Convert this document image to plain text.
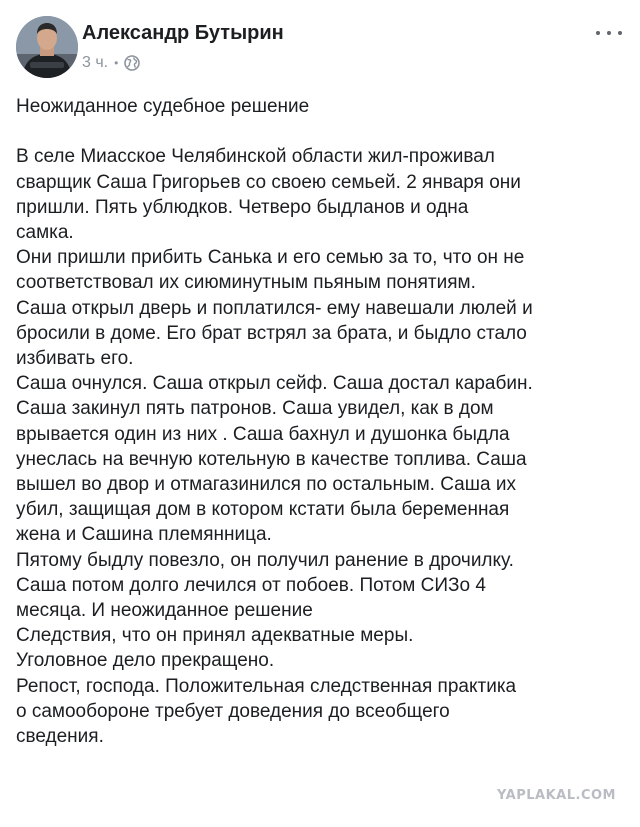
Александр Бутырин
3 ч. •

Неожиданное судебное решение

В селе Миасское Челябинской области жил-проживал
сварщик Саша Григорьев со своею семьей. 2 января они
пришли. Пять ублюдков. Четверо быдланов и одна
самка.
Они пришли прибить Санька и его семью за то, что он не
соответствовал их сиюминутным пьяным понятиям.
Саша открыл дверь и поплатился- ему навешали люлей и
бросили в доме. Его брат встрял за брата, и быдло стало
избивать его.
Саша очнулся. Саша открыл сейф. Саша достал карабин.
Саша закинул пять патронов. Саша увидел, как в дом
врывается один из них . Саша бахнул и душонка быдла
унеслась на вечную котельную в качестве топлива. Саша
вышел во двор и отмагазинился по остальным. Саша их
убил, защищая дом в котором кстати была беременная
жена и Сашина племянница.
Пятому быдлу повезло, он получил ранение в дрочилку.
Саша потом долго лечился от побоев. Потом СИЗо 4
месяца. И неожиданное решение
Следствия, что он принял адекватные меры.
Уголовное дело прекращено.
Репост, господа. Положительная следственная практика
о самообороне требует доведения до всеобщего
сведения.
YAPLAKAL.COM
